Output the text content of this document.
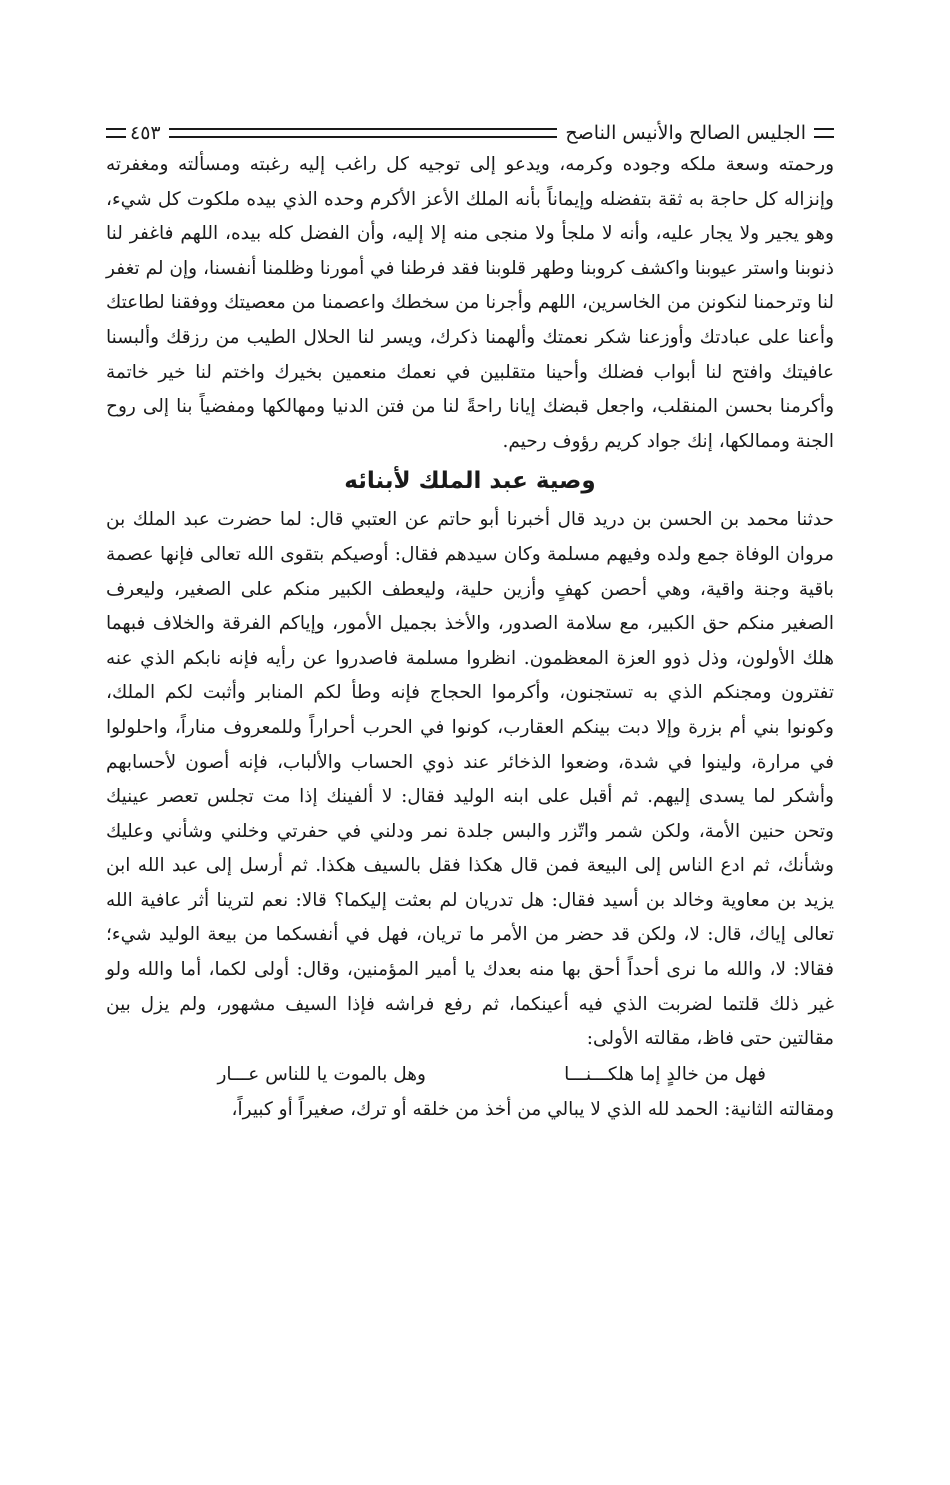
الجليس الصالح والأنيس الناصح
٤٥٣

ورحمته وسعة ملكه وجوده وكرمه، ويدعو إلى توجيه كل راغب إليه رغبته ومسألته ومغفرته وإنزاله كل حاجة به ثقة بتفضله وإيماناً بأنه الملك الأعز الأكرم وحده الذي بيده ملكوت كل شيء، وهو يجير ولا يجار عليه، وأنه لا ملجأ ولا منجى منه إلا إليه، وأن الفضل كله بيده، اللهم فاغفر لنا ذنوبنا واستر عيوبنا واكشف كروبنا وطهر قلوبنا فقد فرطنا في أمورنا وظلمنا أنفسنا، وإن لم تغفر لنا وترحمنا لنكونن من الخاسرين، اللهم وأجرنا من سخطك واعصمنا من معصيتك ووفقنا لطاعتك وأعنا على عبادتك وأوزعنا شكر نعمتك وألهمنا ذكرك، ويسر لنا الحلال الطيب من رزقك وألبسنا عافيتك وافتح لنا أبواب فضلك وأحينا متقلبين في نعمك منعمين بخيرك واختم لنا خير خاتمة وأكرمنا بحسن المنقلب، واجعل قبضك إيانا راحةً لنا من فتن الدنيا ومهالكها ومفضياً بنا إلى روح الجنة وممالكها، إنك جواد كريم رؤوف رحيم.

وصية عبد الملك لأبنائه

حدثنا محمد بن الحسن بن دريد قال أخبرنا أبو حاتم عن العتبي قال: لما حضرت عبد الملك بن مروان الوفاة جمع ولده وفيهم مسلمة وكان سيدهم فقال: أوصيكم بتقوى الله تعالى فإنها عصمة باقية وجنة واقية، وهي أحصن كهفٍ وأزين حلية، وليعطف الكبير منكم على الصغير، وليعرف الصغير منكم حق الكبير، مع سلامة الصدور، والأخذ بجميل الأمور، وإياكم الفرقة والخلاف فبهما هلك الأولون، وذل ذوو العزة المعظمون. انظروا مسلمة فاصدروا عن رأيه فإنه نابكم الذي عنه تفترون ومجنكم الذي به تستجنون، وأكرموا الحجاج فإنه وطأ لكم المنابر وأثبت لكم الملك، وكونوا بني أم بزرة وإلا دبت بينكم العقارب، كونوا في الحرب أحراراً وللمعروف مناراً، واحلولوا في مرارة، ولينوا في شدة، وضعوا الذخائر عند ذوي الحساب والألباب، فإنه أصون لأحسابهم وأشكر لما يسدى إليهم. ثم أقبل على ابنه الوليد فقال: لا ألفينك إذا مت تجلس تعصر عينيك وتحن حنين الأمة، ولكن شمر واتّزر والبس جلدة نمر ودلني في حفرتي وخلني وشأني وعليك وشأنك، ثم ادع الناس إلى البيعة فمن قال هكذا فقل بالسيف هكذا. ثم أرسل إلى عبد الله ابن يزيد بن معاوية وخالد بن أسيد فقال: هل تدريان لم بعثت إليكما؟ قالا: نعم لترينا أثر عافية الله تعالى إياك، قال: لا، ولكن قد حضر من الأمر ما تريان، فهل في أنفسكما من بيعة الوليد شيء؛ فقالا: لا، والله ما نرى أحداً أحق بها منه بعدك يا أمير المؤمنين، وقال: أولى لكما، أما والله ولو غير ذلك قلتما لضربت الذي فيه أعينكما، ثم رفع فراشه فإذا السيف مشهور، ولم يزل بين مقالتين حتى فاظ، مقالته الأولى:

فهل من خالدٍ إما هلكـــنـــا
وهل بالموت يا للناس عـــار

ومقالته الثانية: الحمد لله الذي لا يبالي من أخذ من خلقه أو ترك، صغيراً أو كبيراً،
